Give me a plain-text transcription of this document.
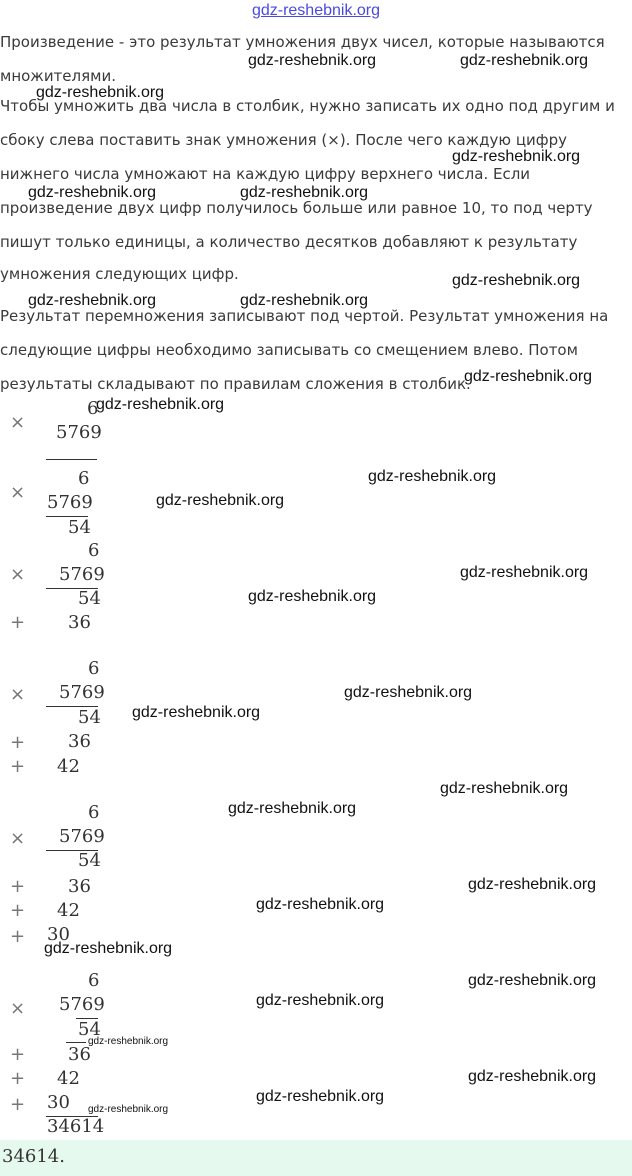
gdz-reshebnik.org
Произведение - это результат умножения двух чисел, которые называются
множителями.
Чтобы умножить два числа в столбик, нужно записать их одно под другим и
сбоку слева поставить знак умножения (×). После чего каждую цифру
нижнего числа умножают на каждую цифру верхнего числа. Если
произведение двух цифр получилось больше или равное 10, то под черту
пишут только единицы, а количество десятков добавляют к результату
умножения следующих цифр.
Результат перемножения записывают под чертой. Результат умножения на
следующие цифры необходимо записывать со смещением влево. Потом
результаты складывают по правилам сложения в столбик.
6
× 5769
6
× 5769
54
6
× 5769
54
+ 36
6
× 5769
54
+ 36
+ 42
6
× 5769
54
+ 36
+ 42
+ 30
6
× 5769
54
+ 36
+ 42
+ 30
34614
34614.
gdz-reshebnik.org	gdz-reshebnik.org
gdz-reshebnik.org
gdz-reshebnik.org
gdz-reshebnik.org	gdz-reshebnik.org
gdz-reshebnik.org
gdz-reshebnik.org	gdz-reshebnik.org
gdz-reshebnik.org
gdz-reshebnik.org
gdz-reshebnik.org
gdz-reshebnik.org
gdz-reshebnik.org
gdz-reshebnik.org
gdz-reshebnik.org
gdz-reshebnik.org
gdz-reshebnik.org
gdz-reshebnik.org
gdz-reshebnik.org
gdz-reshebnik.org
gdz-reshebnik.org
gdz-reshebnik.org
gdz-reshebnik.org
gdz-reshebnik.org
gdz-reshebnik.org
gdz-reshebnik.org
gdz-reshebnik.org
